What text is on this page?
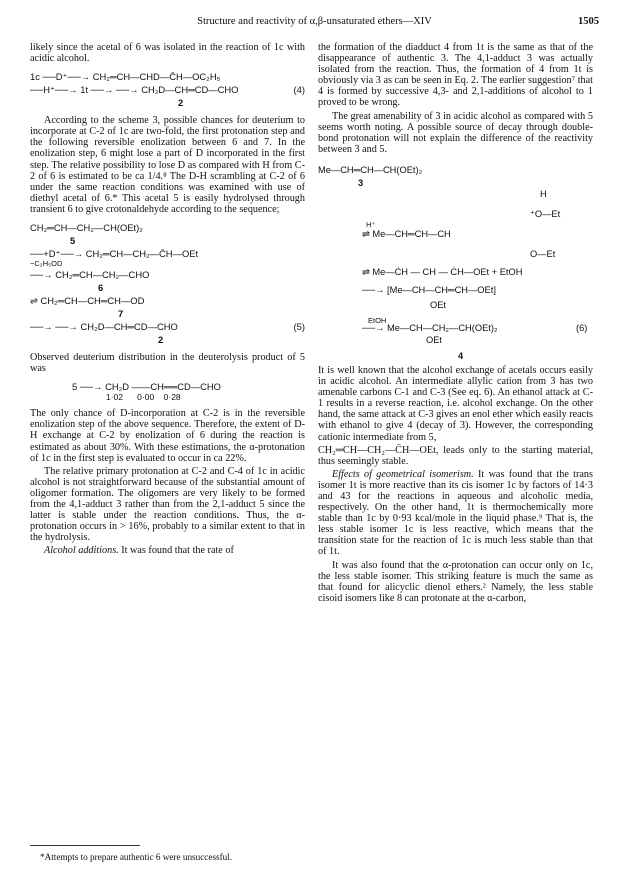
Structure and reactivity of α,β-unsaturated ethers—XIV	1505

likely since the acetal of 6 was isolated in the reaction of 1c with acidic alcohol.

1c ──D⁺──→ CH₂═CH—CHD—C̄H—OC₂H₅
──H⁺──→ 1t ──→ ──→ CH₂D—CH═CD—CHO	(4)
2

According to the scheme 3, possible chances for deuterium to incorporate at C-2 of 1c are two-fold, the first protonation step and the following reversible enolization between 6 and 7. In the enolization step, 6 might lose a part of D incorporated in the first step. The relative possibility to lose D as compared with H from C-2 of 6 is estimated to be ca 1/4.⁸ The D-H scrambling at C-2 of 6 under the same reaction conditions was examined with use of diethyl acetal of 6.* This acetal 5 is easily hydrolysed through transient 6 to give crotonaldehyde according to the sequence;

CH₂═CH—CH₂—CH(OEt)₂
5
──+D⁺──→ CH₂═CH—CH₂—C̄H—OEt
−C₂H₅OD
──→ CH₂═CH—CH₂—CHO
6
⇌ CH₂═CH—CH═CH—OD
7
──→ ──→ CH₂D—CH═CD—CHO	(5)
2

Observed deuterium distribution in the deuterolysis product of 5 was

5 ──→ CH₂D ——CH══CD—CHO
1·02      0·00    0·28

The only chance of D-incorporation at C-2 is in the reversible enolization step of the above sequence. Therefore, the extent of D-H exchange at C-2 by enolization of 6 during the reaction is estimated as about 30%. With these estimations, the α-protonation of 1c in the first step is evaluated to occur in ca 22%.

The relative primary protonation at C-2 and C-4 of 1c in acidic alcohol is not straightforward because of the substantial amount of oligomer formation. The oligomers are very likely to be formed from the 4,1-adduct 3 rather than from the 2,1-adduct 5 since the latter is stable under the reaction conditions. Thus, the α-protonation occurs in > 16%, probably to a similar extent to that in the hydrolysis.

Alcohol additions. It was found that the rate of

the formation of the diadduct 4 from 1t is the same as that of the disappearance of authentic 3. The 4,1-adduct 3 was actually isolated from the reaction. Thus, the formation of 4 from 1t is obviously via 3 as can be seen in Eq. 2. The earlier suggestion⁷ that 4 is formed by successive 4,3- and 2,1-additions of alcohol to 1 proved to be wrong.

The great amenability of 3 in acidic alcohol as compared with 5 seems worth noting. A possible source of decay through double-bond protonation will not explain the difference of the reactivity between 3 and 5.

Me—CH═CH—CH(OEt)₂
3
H
⁺O—Et
H⁺
⇌ Me—CH═CH—CH
O—Et
⇌ Me—ĊH — CH — ĊH—OEt + EtOH
──→ [Me—CH—CH═CH—OEt]
OEt
EtOH
──→ Me—CH—CH₂—CH(OEt)₂	(6)
OEt
4

It is well known that the alcohol exchange of acetals occurs easily in acidic alcohol. An intermediate allylic cation from 3 has two amenable carbons C-1 and C-3 (See eq. 6). An ethanol attack at C-1 results in a reverse reaction, i.e. alcohol exchange. On the other hand, the same attack at C-3 gives an enol ether which easily reacts with ethanol to give 4 (decay of 3). However, the corresponding cationic intermediate from 5,

CH₂═CH—CH₂—C̄H—OEt, leads only to the starting material, thus seemingly stable.

Effects of geometrical isomerism. It was found that the trans isomer 1t is more reactive than its cis isomer 1c by factors of 14·3 and 43 for the reactions in aqueous and alcoholic media, respectively. On the other hand, 1t is thermochemically more stable than 1c by 0·93 kcal/mole in the liquid phase.⁹ That is, the less stable isomer 1c is less reactive, which means that the transition state for the reaction of 1c is much less stable than that of 1t.

It was also found that the α-protonation can occur only on 1c, the less stable isomer. This striking feature is much the same as that found for alicyclic dienol ethers.² Namely, the less stable cisoid isomers like 8 can protonate at the α-carbon,

*Attempts to prepare authentic 6 were unsuccessful.
